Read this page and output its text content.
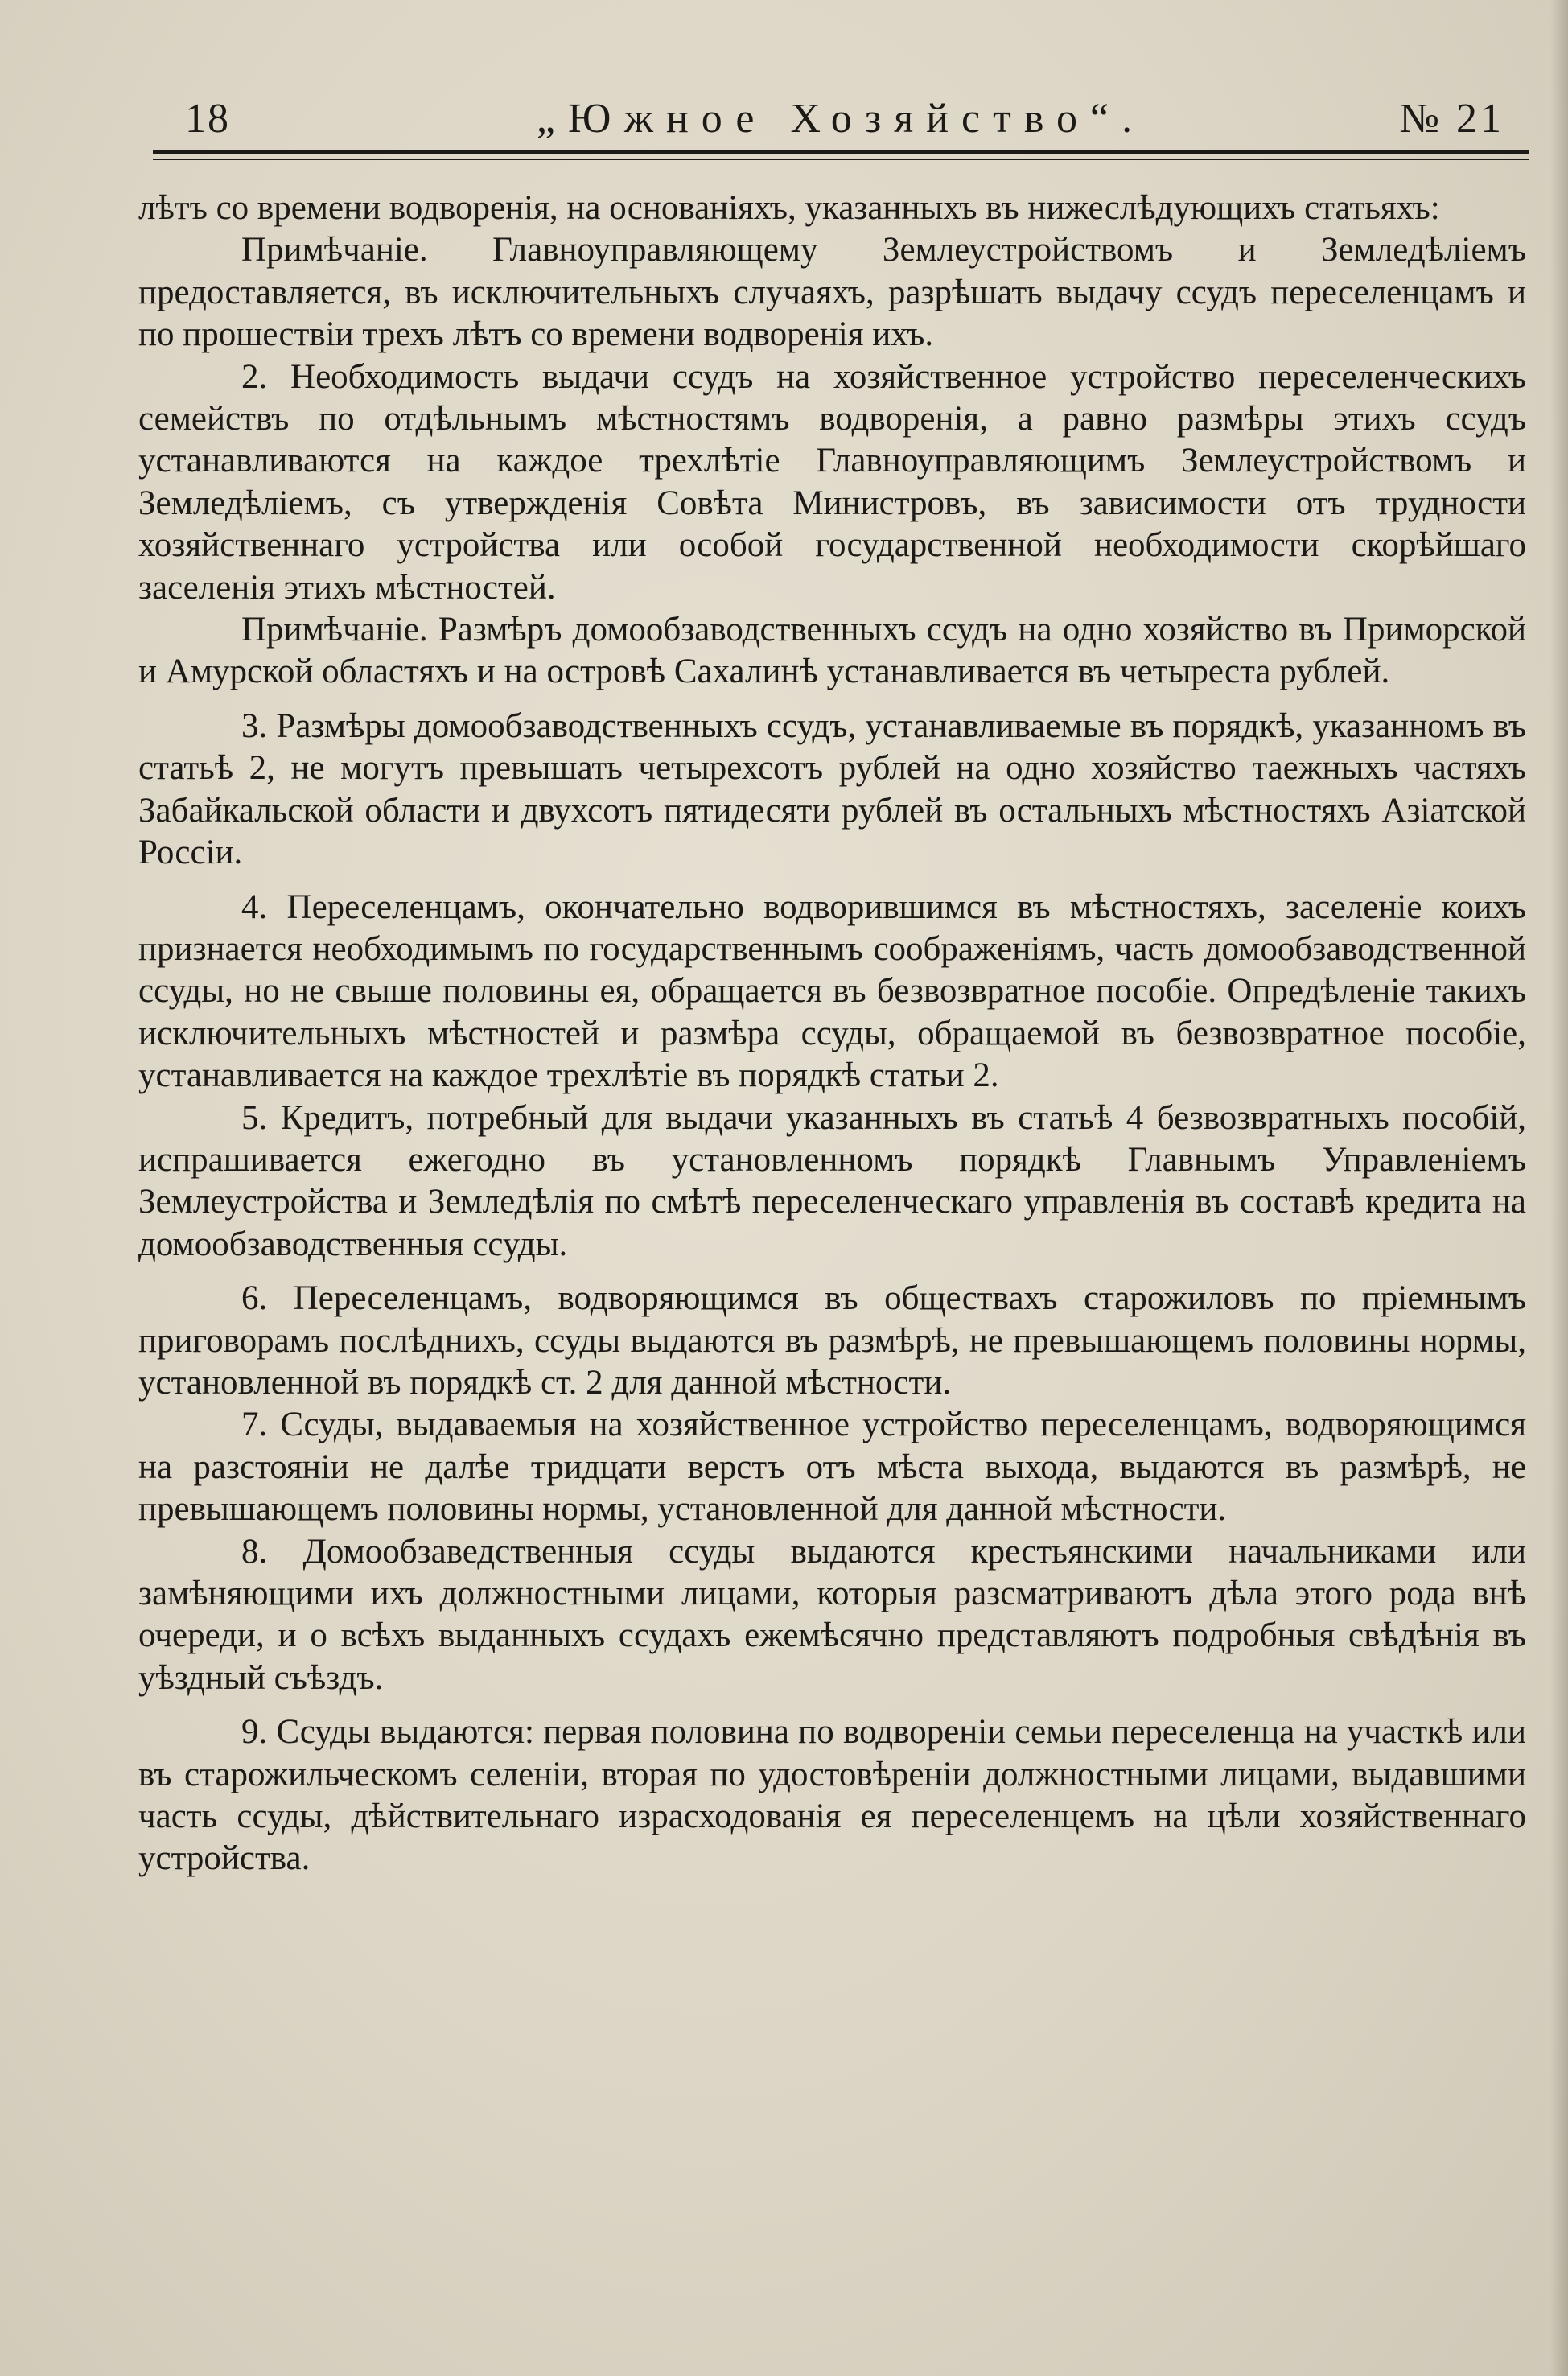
18	„Южное Хозяйство“.	№ 21

лѣтъ со времени водворенія, на основаніяхъ, указанныхъ въ нижеслѣдующихъ статьяхъ:

Примѣчаніе. Главноуправляющему Землеустройствомъ и Земледѣліемъ предоставляется, въ исключительныхъ случаяхъ, разрѣшать выдачу ссудъ переселенцамъ и по прошествіи трехъ лѣтъ со времени водворенія ихъ.

2. Необходимость выдачи ссудъ на хозяйственное устройство переселенческихъ семействъ по отдѣльнымъ мѣстностямъ водворенія, а равно размѣры этихъ ссудъ устанавливаются на каждое трехлѣтіе Главноуправляющимъ Землеустройствомъ и Земледѣліемъ, съ утвержденія Совѣта Министровъ, въ зависимости отъ трудности хозяйственнаго устройства или особой государственной необходимости скорѣйшаго заселенія этихъ мѣстностей.

Примѣчаніе. Размѣръ домообзаводственныхъ ссудъ на одно хозяйство въ Приморской и Амурской областяхъ и на островѣ Сахалинѣ устанавливается въ четыреста рублей.

3. Размѣры домообзаводственныхъ ссудъ, устанавливаемые въ порядкѣ, указанномъ въ статьѣ 2, не могутъ превышать четырехсотъ рублей на одно хозяйство таежныхъ частяхъ Забайкальской области и двухсотъ пятидесяти рублей въ остальныхъ мѣстностяхъ Азіатской Россіи.

4. Переселенцамъ, окончательно водворившимся въ мѣстностяхъ, заселеніе коихъ признается необходимымъ по государственнымъ соображеніямъ, часть домообзаводственной ссуды, но не свыше половины ея, обращается въ безвозвратное пособіе. Опредѣленіе такихъ исключительныхъ мѣстностей и размѣра ссуды, обращаемой въ безвозвратное пособіе, устанавливается на каждое трехлѣтіе въ порядкѣ статьи 2.

5. Кредитъ, потребный для выдачи указанныхъ въ статьѣ 4 безвозвратныхъ пособій, испрашивается ежегодно въ установленномъ порядкѣ Главнымъ Управленіемъ Землеустройства и Земледѣлія по смѣтѣ переселенческаго управленія въ составѣ кредита на домообзаводственныя ссуды.

6. Переселенцамъ, водворяющимся въ обществахъ старожиловъ по пріемнымъ приговорамъ послѣднихъ, ссуды выдаются въ размѣрѣ, не превышающемъ половины нормы, установленной въ порядкѣ ст. 2 для данной мѣстности.

7. Ссуды, выдаваемыя на хозяйственное устройство переселенцамъ, водворяющимся на разстояніи не далѣе тридцати верстъ отъ мѣста выхода, выдаются въ размѣрѣ, не превышающемъ половины нормы, установленной для данной мѣстности.

8. Домообзаведственныя ссуды выдаются крестьянскими начальниками или замѣняющими ихъ должностными лицами, которыя разсматриваютъ дѣла этого рода внѣ очереди, и о всѣхъ выданныхъ ссудахъ ежемѣсячно представляютъ подробныя свѣдѣнія въ уѣздный съѣздъ.

9. Ссуды выдаются: первая половина по водвореніи семьи переселенца на участкѣ или въ старожильческомъ селеніи, вторая по удостовѣреніи должностными лицами, выдавшими часть ссуды, дѣйствительнаго израсходованія ея переселенцемъ на цѣли хозяйственнаго устройства.
